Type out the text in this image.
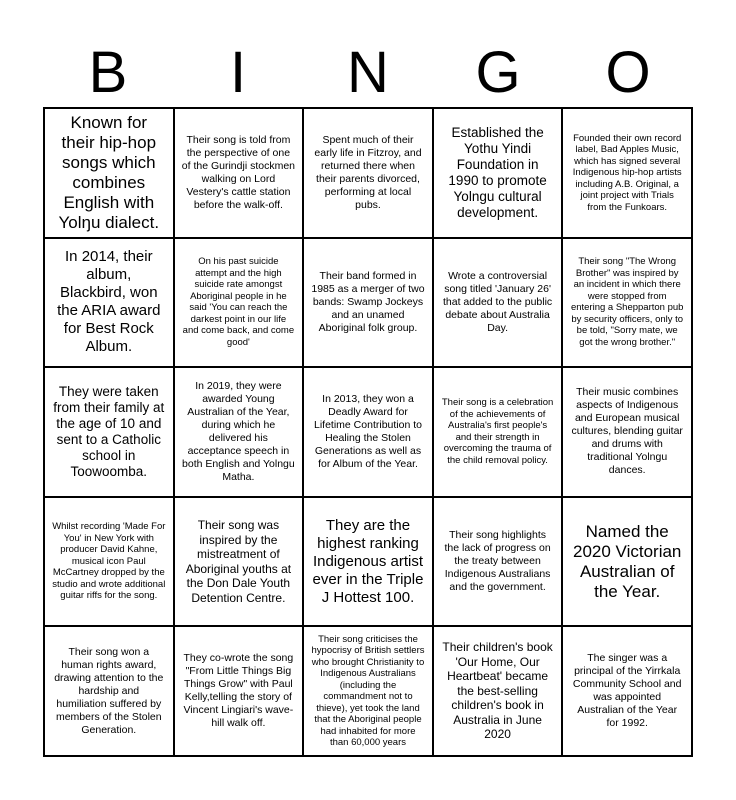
B	I	N	G	O
Known for their hip-hop songs which combines English with Yolŋu dialect.
Their song is told from the perspective of one of the Gurindji stockmen walking on Lord Vestery's cattle station before the walk-off.
Spent much of their early life in Fitzroy, and returned there when their parents divorced, performing at local pubs.
Established the Yothu Yindi Foundation in 1990 to promote Yolngu cultural development.
Founded their own record label, Bad Apples Music, which has signed several Indigenous hip-hop artists including A.B. Original, a joint project with Trials from the Funkoars.
In 2014, their album, Blackbird, won the ARIA award for Best Rock Album.
On his past suicide attempt and the high suicide rate amongst Aboriginal people in he said 'You can reach the darkest point in our life and come back, and come good'
Their band formed in 1985 as a merger of two bands: Swamp Jockeys and an unamed Aboriginal folk group.
Wrote a controversial song titled 'January 26' that added to the public debate about Australia Day.
Their song "The Wrong Brother" was inspired by an incident in which there were stopped from entering a Shepparton pub by security officers, only to be told, "Sorry mate, we got the wrong brother."
They were taken from their family at the age of 10 and sent to a Catholic school in Toowoomba.
In 2019, they were awarded Young Australian of the Year, during which he delivered his acceptance speech in both English and Yolngu Matha.
In 2013, they won a Deadly Award for Lifetime Contribution to Healing the Stolen Generations as well as for Album of the Year.
Their song is a celebration of the achievements of Australia's first people's and their strength in overcoming the trauma of the child removal policy.
Their music combines aspects of Indigenous and European musical cultures, blending guitar and drums with traditional Yolngu dances.
Whilst recording 'Made For You' in New York with producer David Kahne, musical icon Paul McCartney dropped by the studio and wrote additional guitar riffs for the song.
Their song was inspired by the mistreatment of Aboriginal youths at the Don Dale Youth Detention Centre.
They are the highest ranking Indigenous artist ever in the Triple J Hottest 100.
Their song highlights the lack of progress on the treaty between Indigenous Australians and the government.
Named the 2020 Victorian Australian of the Year.
Their song won a human rights award, drawing attention to the hardship and humiliation suffered by members of the Stolen Generation.
They co-wrote the song "From Little Things Big Things Grow" with Paul Kelly,telling the story of Vincent Lingiari's wave-hill walk off.
Their song criticises the hypocrisy of British settlers who brought Christianity to Indigenous Australians (including the commandment not to thieve), yet took the land that the Aboriginal people had inhabited for more than 60,000 years
Their children's book 'Our Home, Our Heartbeat' became the best-selling children's book in Australia in June 2020
The singer was a principal of the Yirrkala Community School and was appointed Australian of the Year for 1992.
